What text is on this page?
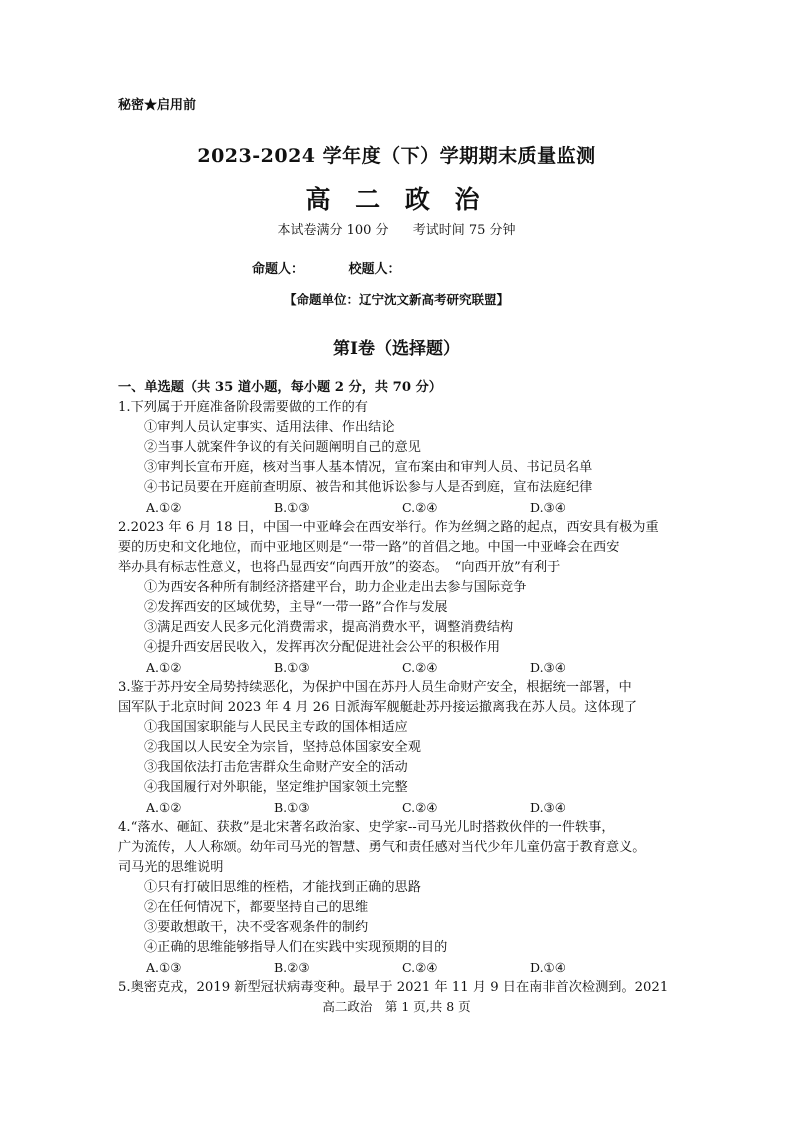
秘密★启用前
2023-2024 学年度（下）学期期末质量监测
高 二 政 治
本试卷满分 100 分 考试时间 75 分钟
命题人：	校题人：
【命题单位：辽宁沈文新高考研究联盟】
第Ⅰ卷（选择题）
一、单选题（共 35 道小题，每小题 2 分，共 70 分）
1.下列属于开庭准备阶段需要做的工作的有
①审判人员认定事实、适用法律、作出结论
②当事人就案件争议的有关问题阐明自己的意见
③审判长宣布开庭，核对当事人基本情况，宣布案由和审判人员、书记员名单
④书记员要在开庭前查明原、被告和其他诉讼参与人是否到庭，宣布法庭纪律
A.①②	B.①③	C.②④	D.③④
2.2023 年 6 月 18 日，中国一中亚峰会在西安举行。作为丝绸之路的起点，西安具有极为重
要的历史和文化地位，而中亚地区则是“一带一路”的首倡之地。中国一中亚峰会在西安
举办具有标志性意义，也将凸显西安“向西开放”的姿态。　“向西开放”有利于
①为西安各种所有制经济搭建平台，助力企业走出去参与国际竞争
②发挥西安的区域优势，主导“一带一路”合作与发展
③满足西安人民多元化消费需求，提高消费水平，调整消费结构
④提升西安居民收入，发挥再次分配促进社会公平的积极作用
A.①②	B.①③	C.②④	D.③④
3.鉴于苏丹安全局势持续恶化，为保护中国在苏丹人员生命财产安全，根据统一部署，中
国军队于北京时间 2023 年 4 月 26 日派海军舰艇赴苏丹接运撤离我在苏人员。这体现了
①我国国家职能与人民民主专政的国体相适应
②我国以人民安全为宗旨，坚持总体国家安全观
③我国依法打击危害群众生命财产安全的活动
④我国履行对外职能，坚定维护国家领土完整
A.①②	B.①③	C.②④	D.③④
4.“落水、砸缸、获救”是北宋著名政治家、史学家--司马光儿时搭救伙伴的一件轶事，
广为流传，人人称颂。幼年司马光的智慧、勇气和责任感对当代少年儿童仍富于教育意义。
司马光的思维说明
①只有打破旧思维的桎梏，才能找到正确的思路
②在任何情况下，都要坚持自己的思维
③要敢想敢干，决不受客观条件的制约
④正确的思维能够指导人们在实践中实现预期的目的
A.①③	B.②③	C.②④	D.①④
5.奥密克戎，2019 新型冠状病毒变种。最早于 2021 年 11 月 9 日在南非首次检测到。2021
高二政治　第 1 页,共 8 页
